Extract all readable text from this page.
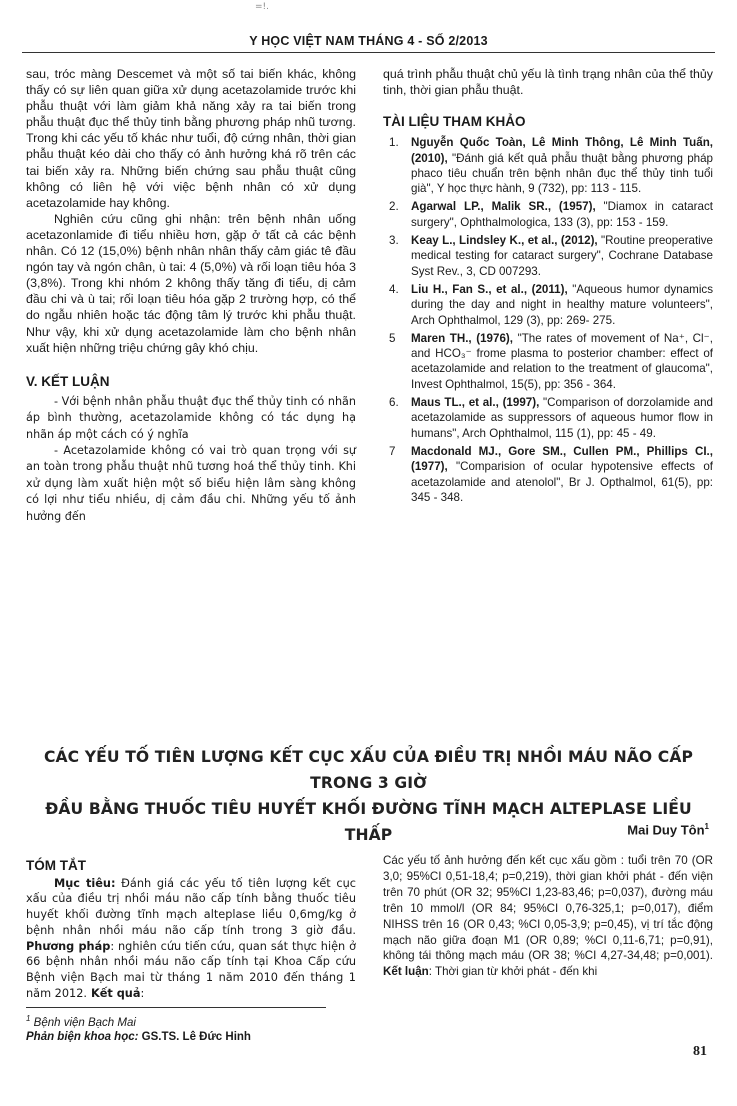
=!.
Y HỌC VIỆT NAM THÁNG 4 - SỐ 2/2013

sau, tróc màng Descemet và một số tai biến khác, không thấy có sự liên quan giữa xử dụng acetazolamide trước khi phẫu thuật với làm giảm khả năng xảy ra tai biến trong phẫu thuật đục thể thủy tinh bằng phương pháp nhũ tương. Trong khi các yếu tố khác như tuổi, độ cứng nhân, thời gian phẫu thuật kéo dài cho thấy có ảnh hưởng khá rõ trên các tai biến xảy ra. Những biến chứng sau phẫu thuật cũng không có liên hệ với việc bệnh nhân có xử dụng acetazolamide hay không.

Nghiên cứu cũng ghi nhận: trên bệnh nhân uống acetazonlamide đi tiểu nhiều hơn, gặp ở tất cả các bệnh nhân. Có 12 (15,0%) bệnh nhân nhân thấy cảm giác tê đầu ngón tay và ngón chân, ù tai: 4 (5,0%) và rối loạn tiêu hóa 3 (3,8%). Trong khi nhóm 2 không thấy tăng đi tiểu, dị cảm đầu chi và ù tai; rối loạn tiêu hóa gặp 2 trường hợp, có thể do ngẫu nhiên hoặc tác động tâm lý trước khi phẫu thuật. Như vậy, khi xử dụng acetazolamide làm cho bệnh nhân xuất hiện những triệu chứng gây khó chịu.

V. KẾT LUẬN

- Với bệnh nhân phẫu thuật đục thể thủy tinh có nhãn áp bình thường, acetazolamide không có tác dụng hạ nhãn áp một cách có ý nghĩa

- Acetazolamide không có vai trò quan trọng với sự an toàn trong phẫu thuật nhũ tương hoá thể thủy tinh. Khi xử dụng làm xuất hiện một số biểu hiện lâm sàng không có lợi như tiểu nhiều, dị cảm đầu chi. Những yếu tố ảnh hưởng đến

quá trình phẫu thuật chủ yếu là tình trạng nhân của thể thủy tinh, thời gian phẫu thuật.

TÀI LIỆU THAM KHẢO
1.	Nguyễn Quốc Toàn, Lê Minh Thông, Lê Minh Tuấn, (2010), "Đánh giá kết quả phẫu thuật bằng phương pháp phaco tiêu chuẩn trên bệnh nhân đục thể thủy tinh tuổi già", Y học thực hành, 9 (732), pp: 113 - 115.
2.	Agarwal LP., Malik SR., (1957), "Diamox in cataract surgery", Ophthalmologica, 133 (3), pp: 153 - 159.
3.	Keay L., Lindsley K., et al., (2012), "Routine preoperative medical testing for cataract surgery", Cochrane Database Syst Rev., 3, CD 007293.
4.	Liu H., Fan S., et al., (2011), "Aqueous humor dynamics during the day and night in healthy mature volunteers", Arch Ophthalmol, 129 (3), pp: 269- 275.
5	Maren TH., (1976), "The rates of movement of Na⁺, Cl⁻, and HCO₃⁻ frome plasma to posterior chamber: effect of acetazolamide and relation to the treatment of glaucoma", Invest Ophthalmol, 15(5), pp: 356 - 364.
6.	Maus TL., et al., (1997), "Comparison of dorzolamide and acetazolamide as suppressors of aqueous humor flow in humans", Arch Ophthalmol, 115 (1), pp: 45 - 49.
7	Macdonald MJ., Gore SM., Cullen PM., Phillips CI., (1977), "Comparision of ocular hypotensive effects of acetazolamide and atenolol", Br J. Opthalmol, 61(5), pp: 345 - 348.
CÁC YẾU TỐ TIÊN LƯỢNG KẾT CỤC XẤU CỦA ĐIỀU TRỊ NHỒI MÁU NÃO CẤP TRONG 3 GIỜ
ĐẦU BẰNG THUỐC TIÊU HUYẾT KHỐI ĐƯỜNG TĨNH MẠCH ALTEPLASE LIỀU THẤP	Mai Duy Tôn$^1$
TÓM TẮT

Mục tiêu: Đánh giá các yếu tố tiên lượng kết cục xấu của điều trị nhồi máu não cấp tính bằng thuốc tiêu huyết khối đường tĩnh mạch alteplase liều 0,6mg/kg ở bệnh nhân nhồi máu não cấp tính trong 3 giờ đầu. Phương pháp: nghiên cứu tiến cứu, quan sát thực hiện ở 66 bệnh nhân nhồi máu não cấp tính tại Khoa Cấp cứu Bệnh viện Bạch mai từ tháng 1 năm 2010 đến tháng 1 năm 2012. Kết quả:

Các yếu tố ảnh hưởng đến kết cục xấu gồm : tuổi trên 70 (OR 3,0; 95%CI 0,51-18,4; p=0,219), thời gian khởi phát - đến viện trên 70 phút (OR 32; 95%CI 1,23-83,46; p=0,037), đường máu trên 10 mmol/l (OR 84; 95%CI 0,76-325,1; p=0,017), điểm NIHSS trên 16 (OR 0,43; %CI 0,05-3,9; p=0,45), vị trí tắc động mạch não giữa đoạn M1 (OR 0,89; %CI 0,11-6,71; p=0,91), không tái thông mạch máu (OR 38; %CI 4,27-34,48; p=0,001). Kết luận: Thời gian từ khởi phát - đến khi

$^1$ Bệnh viện Bạch Mai
Phản biện khoa học: GS.TS. Lê Đức Hinh
81
